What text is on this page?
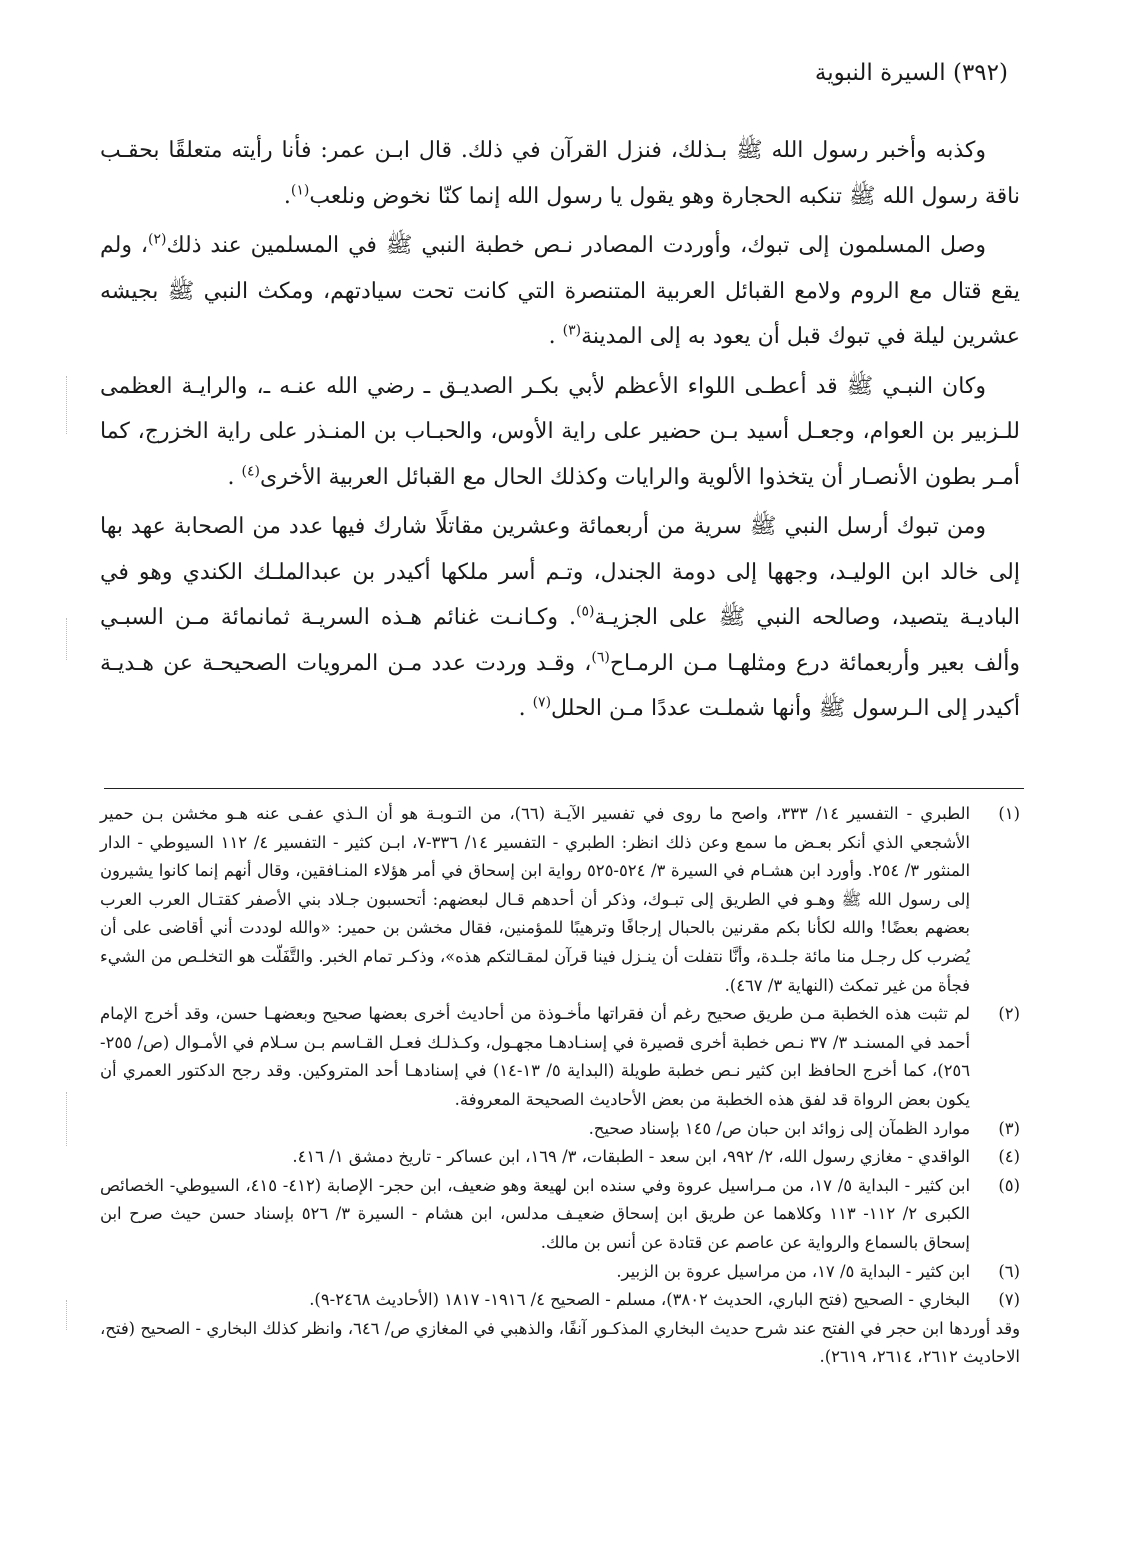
(٣٩٢) السيرة النبوية

وكذبه وأخبر رسول الله ﷺ بـذلك، فنزل القرآن في ذلك. قال ابـن عمر: فأنا رأيته متعلقًا بحقـب ناقة رسول الله ﷺ تنكبه الحجارة وهو يقول يا رسول الله إنما كنّا نخوض ونلعب$^{(١)}$.

وصل المسلمون إلى تبوك، وأوردت المصادر نـص خطبة النبي ﷺ في المسلمين عند ذلك$^{(٢)}$، ولم يقع قتال مع الروم ولامع القبائل العربية المتنصرة التي كانت تحت سيادتهم، ومكث النبي ﷺ بجيشه عشرين ليلة في تبوك قبل أن يعود به إلى المدينة$^{(٣)}$ .

وكان النبـي ﷺ قد أعطـى اللواء الأعظم لأبي بكـر الصديـق ـ رضي الله عنـه ـ، والرايـة العظمى للـزبير بن العوام، وجعـل أسيد بـن حضير على راية الأوس، والحبـاب بن المنـذر على راية الخزرج، كما أمـر بطون الأنصـار أن يتخذوا الألوية والرايات وكذلك الحال مع القبائل العربية الأخرى$^{(٤)}$ .

ومن تبوك أرسل النبي ﷺ سرية من أربعمائة وعشرين مقاتلًا شارك فيها عدد من الصحابة عهد بها إلى خالد ابن الوليـد، وجهها إلى دومة الجندل، وتـم أسر ملكها أكيدر بن عبدالملـك الكندي وهو في الباديـة يتصيد، وصالحه النبي ﷺ على الجزيـة$^{(٥)}$. وكـانـت غنائم هـذه السريـة ثمانمائة مـن السبـي وألف بعير وأربعمائة درع ومثلهـا مـن الرمـاح$^{(٦)}$، وقـد وردت عدد مـن المرويات الصحيحـة عن هـديـة أكيدر إلى الـرسول ﷺ وأنها شملـت عددًا مـن الحلل$^{(٧)}$ .

(١)
الطبري - التفسير ١٤/ ٣٣٣، واصح ما روى في تفسير الآيـة (٦٦)، من التـوبـة هو أن الـذي عفـى عنه هـو مخشن بـن حمير الأشجعي الذي أنكر بعـض ما سمع وعن ذلك انظر: الطبري - التفسير ١٤/ ٣٣٦-٧، ابـن كثير - التفسير ٤/ ١١٢ السيوطي - الدار المنثور ٣/ ٢٥٤. وأورد ابن هشـام في السيرة ٣/ ٥٢٤-٥٢٥ رواية ابن إسحاق في أمر هؤلاء المنـافقين، وقال أنهم إنما كانوا يشيرون إلى رسول الله ﷺ وهـو في الطريق إلى تبـوك، وذكر أن أحدهم قـال لبعضهم: أتحسبون جـلاد بني الأصفر كقتـال العرب العرب بعضهم بعضًا! والله لكأنا بكم مقرنين بالحبال إرجافًا وترهيبًا للمؤمنين، فقال مخشن بن حمير: «والله لوددت أني أقاضى على أن يُضرب كل رجـل منا مائة جلـدة، وأنَّا نتفلت أن ينـزل فينا قرآن لمقـالتكم هذه»، وذكـر تمام الخبر. والتَّفَلّت هو التخلـص من الشيء فجأة من غير تمكث (النهاية ٣/ ٤٦٧).
(٢)
لم تثبت هذه الخطبة مـن طريق صحيح رغم أن فقراتها مأخـوذة من أحاديث أخرى بعضها صحيح وبعضهـا حسن، وقد أخرج الإمام أحمد في المسنـد ٣/ ٣٧ نـص خطبة أخرى قصيرة في إسنـادهـا مجهـول، وكـذلـك فعـل القـاسم بـن سـلام في الأمـوال (ص/ ٢٥٥- ٢٥٦)، كما أخرج الحافظ ابن كثير نـص خطبة طويلة (البداية ٥/ ١٣-١٤) في إسنادهـا أحد المتروكين. وقد رجح الدكتور العمري أن يكون بعض الرواة قد لفق هذه الخطبة من بعض الأحاديث الصحيحة المعروفة.
(٣)
موارد الظمآن إلى زوائد ابن حبان ص/ ١٤٥ بإسناد صحيح.
(٤)
الواقدي - مغازي رسول الله، ٢/ ٩٩٢، ابن سعد - الطبقات، ٣/ ١٦٩، ابن عساكر - تاريخ دمشق ١/ ٤١٦.
(٥)
ابن كثير - البداية ٥/ ١٧، من مـراسيل عروة وفي سنده ابن لهيعة وهو ضعيف، ابن حجر- الإصابة (٤١٢- ٤١٥، السيوطي- الخصائص الكبرى ٢/ ١١٢- ١١٣ وكلاهما عن طريق ابن إسحاق ضعيـف مدلس، ابن هشام - السيرة ٣/ ٥٢٦ بإسناد حسن حيث صرح ابن إسحاق بالسماع والرواية عن عاصم عن قتادة عن أنس بن مالك.
(٦)
ابن كثير - البداية ٥/ ١٧، من مراسيل عروة بن الزبير.
(٧)
البخاري - الصحيح (فتح الباري، الحديث ٣٨٠٢)، مسلم - الصحيح ٤/ ١٩١٦- ١٨١٧ (الأحاديث ٢٤٦٨-٩).

وقد أوردها ابن حجر في الفتح عند شرح حديث البخاري المذكـور آنفًا، والذهبي في المغازي ص/ ٦٤٦، وانظر كذلك البخاري - الصحيح (فتح، الاحاديث ٢٦١٢، ٢٦١٤، ٢٦١٩).
